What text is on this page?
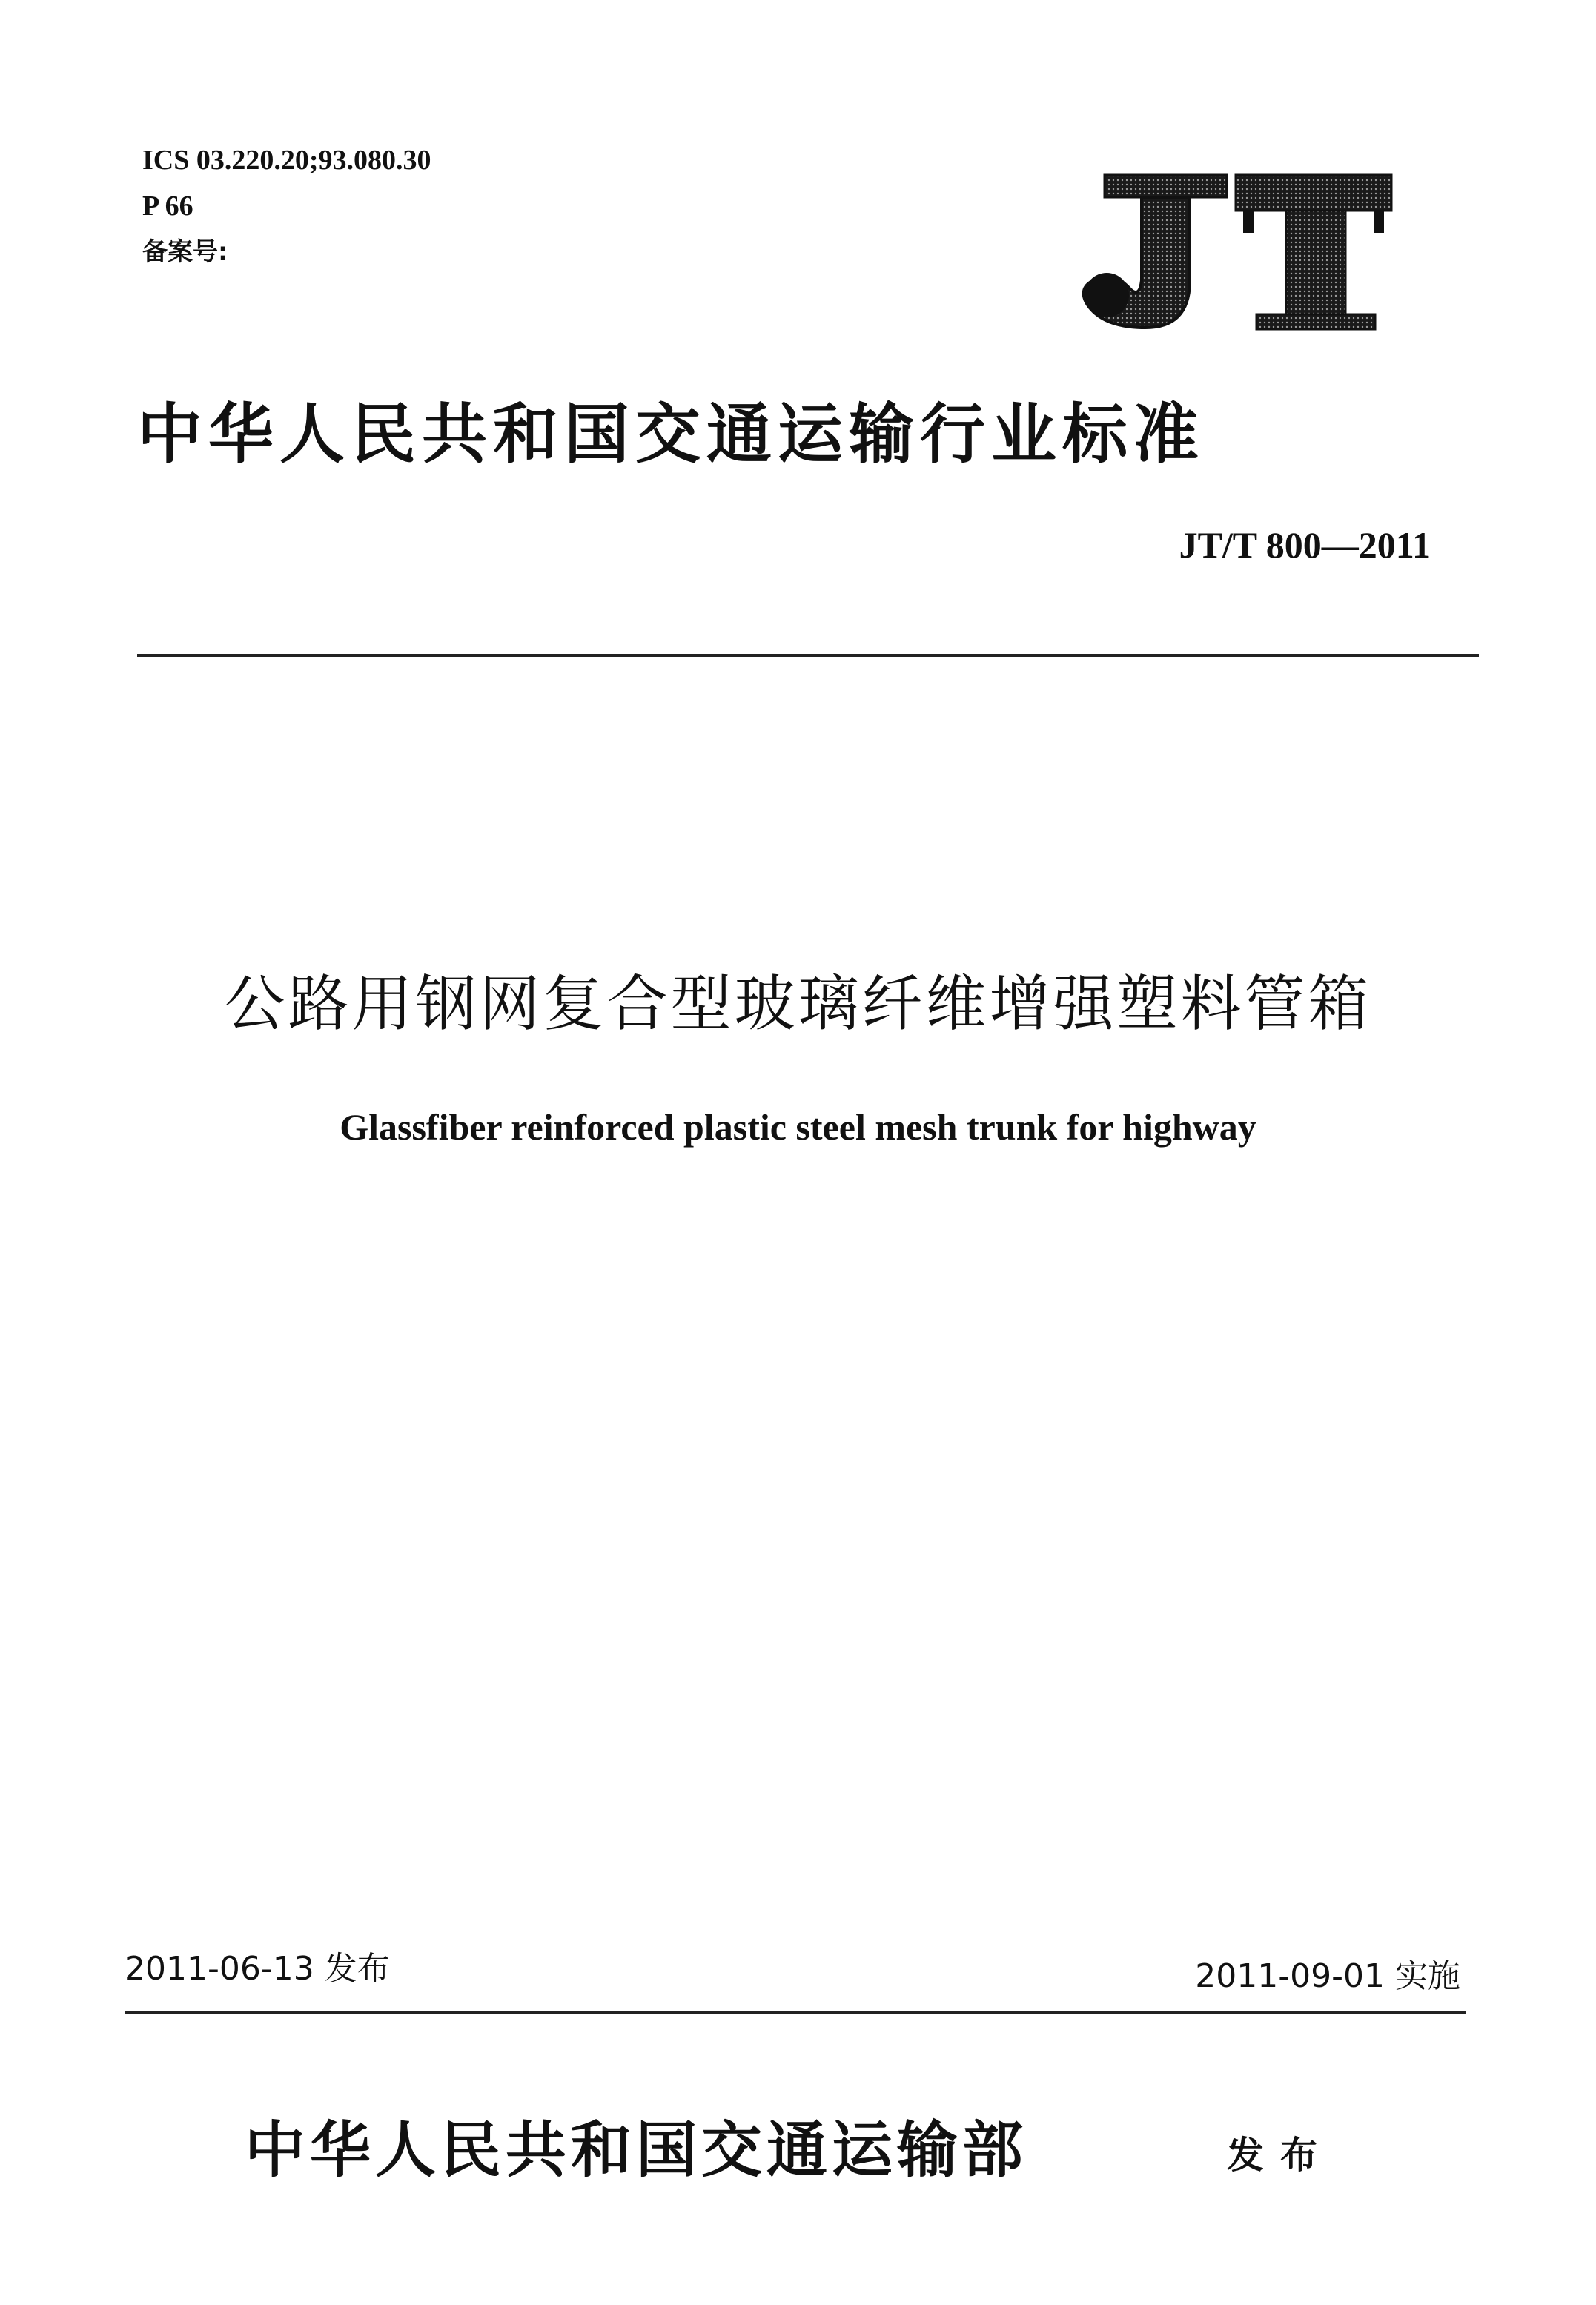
ICS 03.220.20;93.080.30
P 66
备案号:
中华人民共和国交通运输行业标准
JT/T 800—2011
公路用钢网复合型玻璃纤维增强塑料管箱
Glassfiber reinforced plastic steel mesh trunk for highway
2011-06-13 发布	2011-09-01 实施
中华人民共和国交通运输部	发布
